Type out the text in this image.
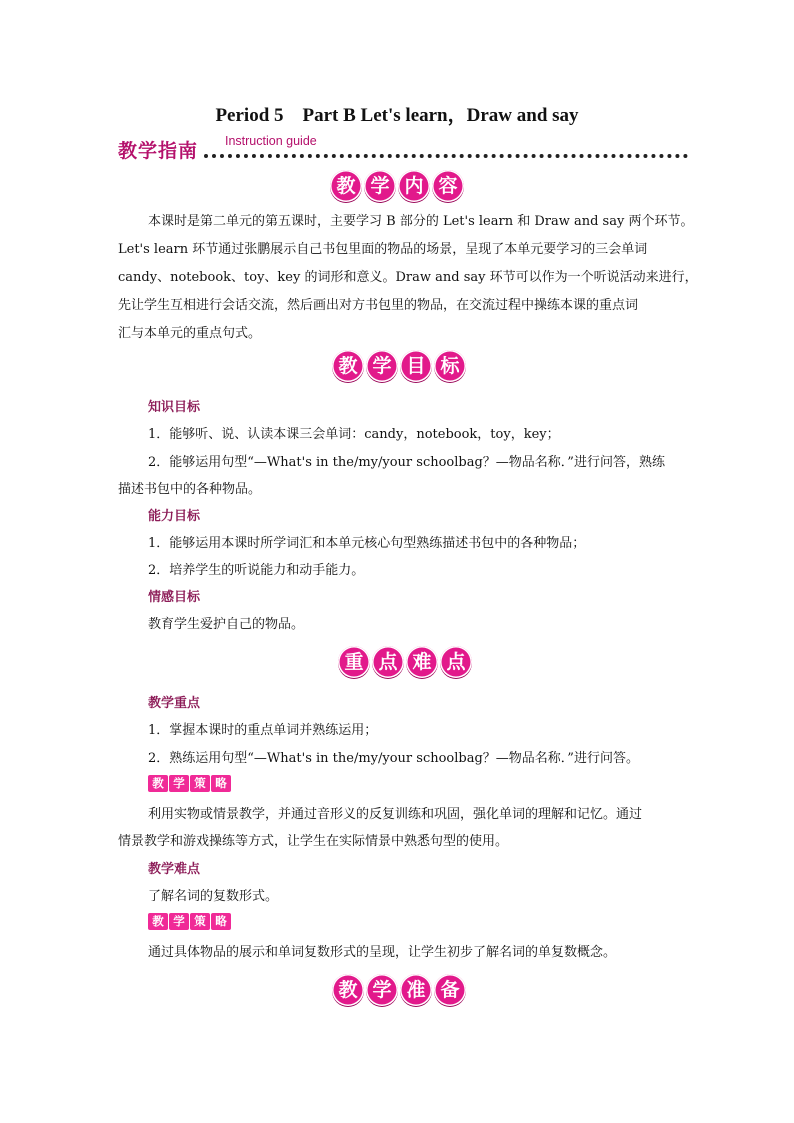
Period 5　Part B Let's learn，Draw and say
教学指南 Instruction guide
教 学 内 容
本课时是第二单元的第五课时，主要学习 B 部分的 Let's learn 和 Draw and say 两个环节。
Let's learn 环节通过张鹏展示自己书包里面的物品的场景，呈现了本单元要学习的三会单词
candy、notebook、toy、key 的词形和意义。Draw and say 环节可以作为一个听说活动来进行，
先让学生互相进行会话交流，然后画出对方书包里的物品，在交流过程中操练本课的重点词
汇与本单元的重点句式。
教 学 目 标
知识目标
1．能够听、说、认读本课三会单词：candy，notebook，toy，key；
2．能够运用句型“—What's in the/my/your schoolbag？—物品名称．”进行问答，熟练
描述书包中的各种物品。
能力目标
1．能够运用本课时所学词汇和本单元核心句型熟练描述书包中的各种物品；
2．培养学生的听说能力和动手能力。
情感目标
教育学生爱护自己的物品。
重 点 难 点
教学重点
1．掌握本课时的重点单词并熟练运用；
2．熟练运用句型“—What's in the/my/your schoolbag？—物品名称．”进行问答。
教 学 策 略
利用实物或情景教学，并通过音形义的反复训练和巩固，强化单词的理解和记忆。通过
情景教学和游戏操练等方式，让学生在实际情景中熟悉句型的使用。
教学难点
了解名词的复数形式。
教 学 策 略
通过具体物品的展示和单词复数形式的呈现，让学生初步了解名词的单复数概念。
教 学 准 备
